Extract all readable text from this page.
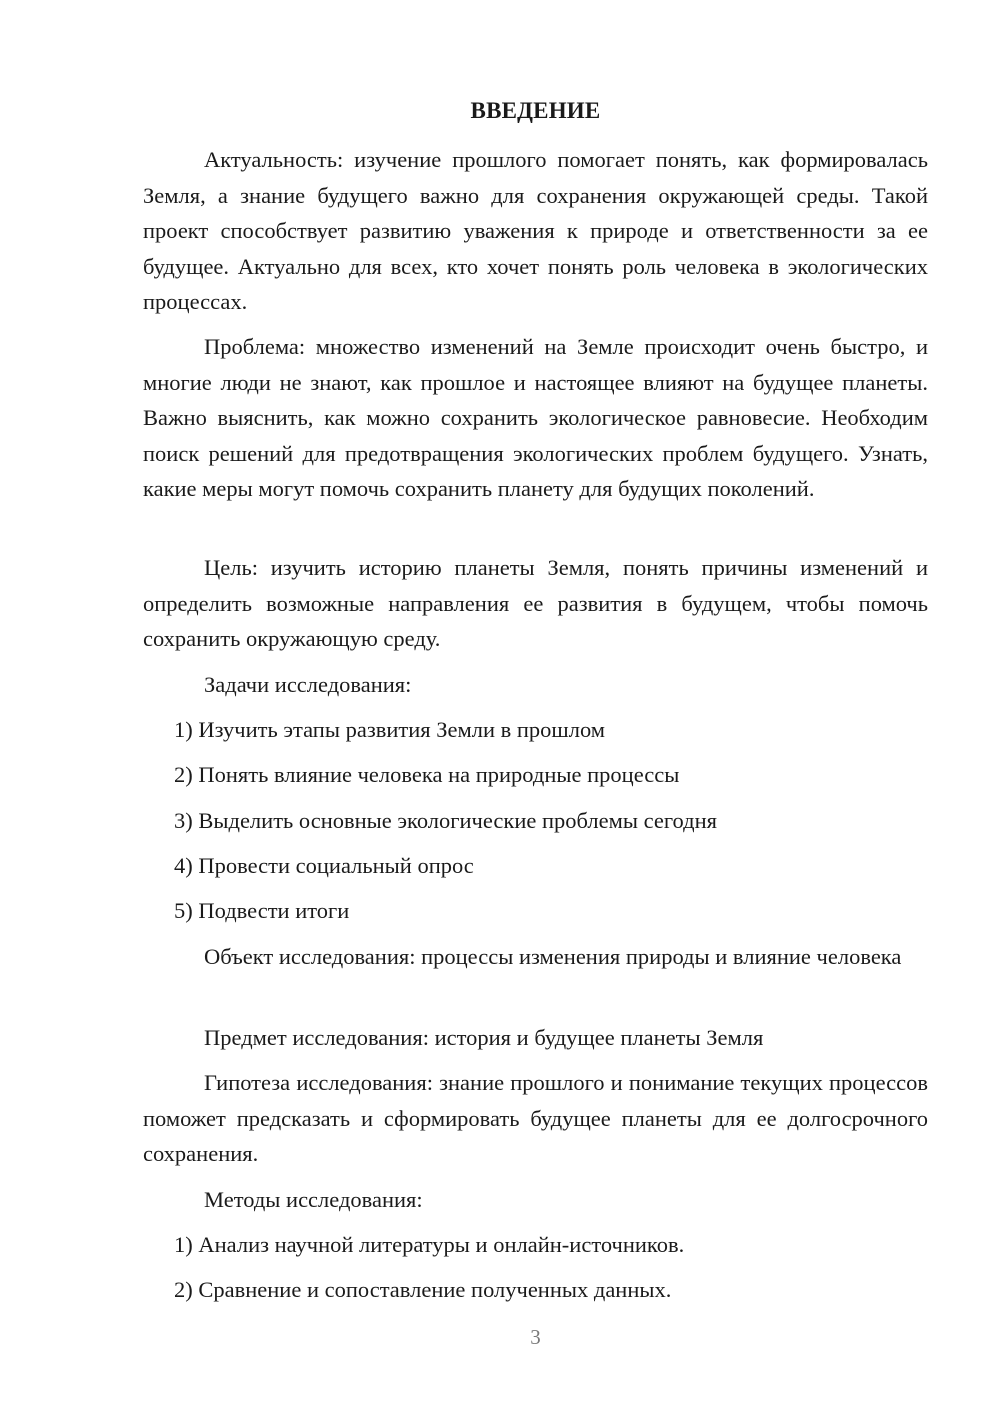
ВВЕДЕНИЕ

Актуальность: изучение прошлого помогает понять, как формировалась Земля, а знание будущего важно для сохранения окружающей среды. Такой проект способствует развитию уважения к природе и ответственности за ее будущее. Актуально для всех, кто хочет понять роль человека в экологических процессах.

Проблема: множество изменений на Земле происходит очень быстро, и многие люди не знают, как прошлое и настоящее влияют на будущее планеты. Важно выяснить, как можно сохранить экологическое равновесие. Необходим поиск решений для предотвращения экологических проблем будущего. Узнать, какие меры могут помочь сохранить планету для будущих поколений.

Цель: изучить историю планеты Земля, понять причины изменений и определить возможные направления ее развития в будущем, чтобы помочь сохранить окружающую среду.

Задачи исследования:

1) Изучить этапы развития Земли в прошлом

2) Понять влияние человека на природные процессы

3) Выделить основные экологические проблемы сегодня

4) Провести социальный опрос

5) Подвести итоги

Объект исследования: процессы изменения природы и влияние человека

Предмет исследования: история и будущее планеты Земля

Гипотеза исследования: знание прошлого и понимание текущих процессов поможет предсказать и сформировать будущее планеты для ее долгосрочного сохранения.

Методы исследования:

1) Анализ научной литературы и онлайн-источников.

2) Сравнение и сопоставление полученных данных.

3
